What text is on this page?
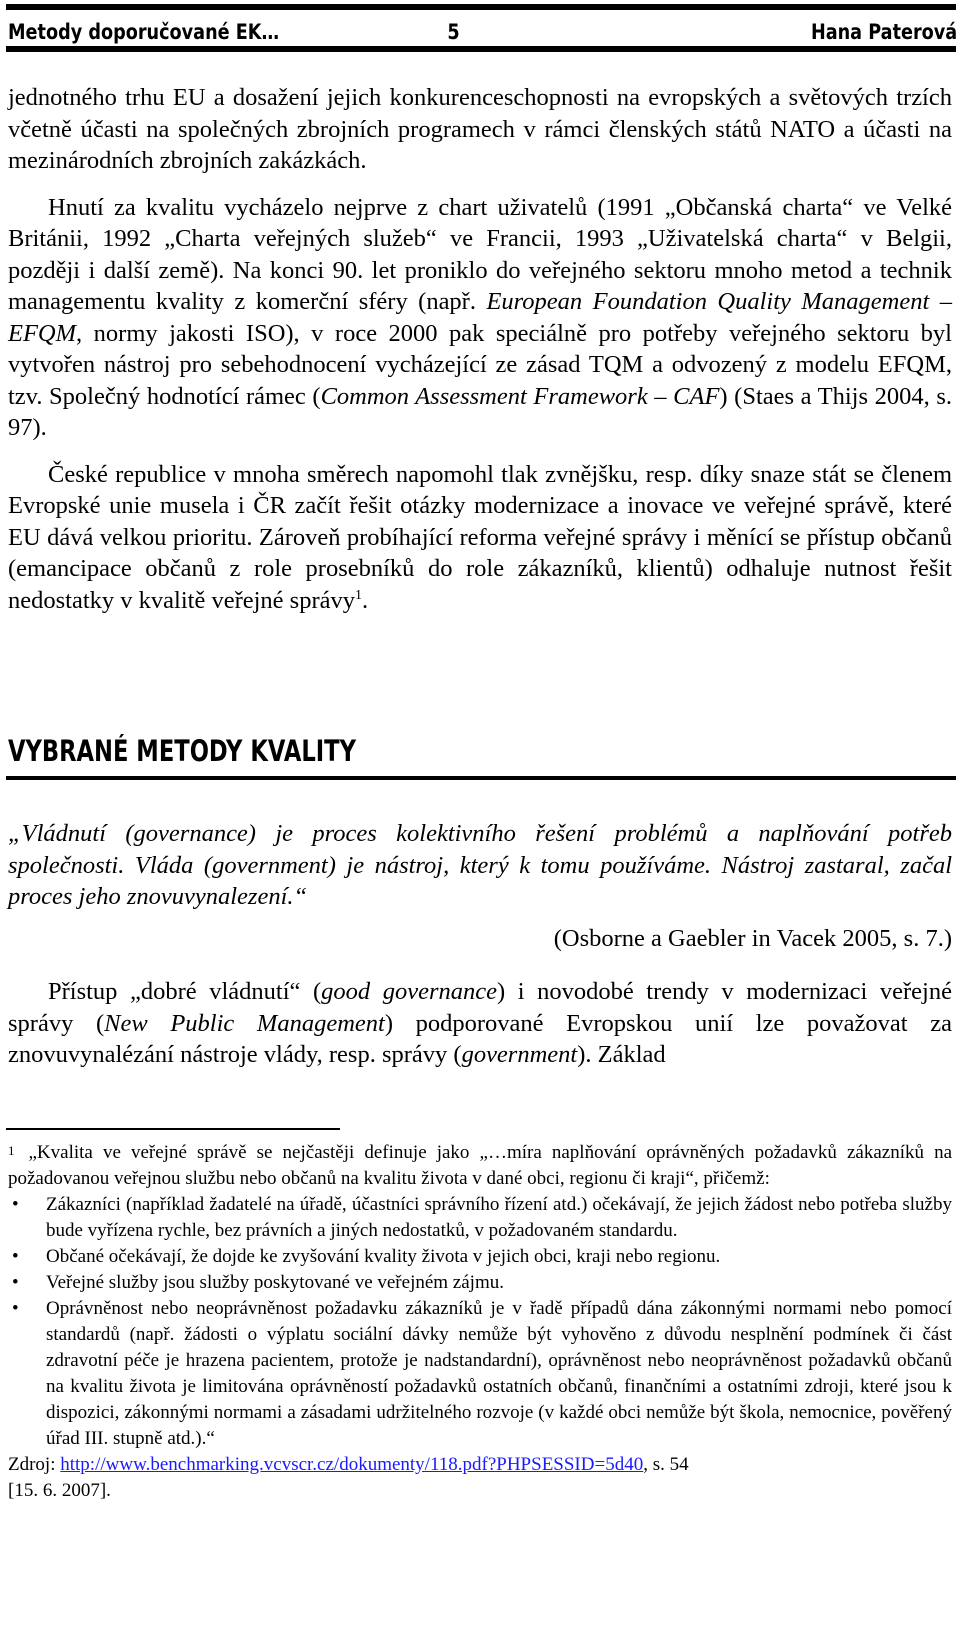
Metody doporučované EK…	5	Hana Paterová

jednotného trhu EU a dosažení jejich konkurenceschopnosti na evropských a světových trzích včetně účasti na společných zbrojních programech v rámci členských států NATO a účasti na mezinárodních zbrojních zakázkách.

Hnutí za kvalitu vycházelo nejprve z chart uživatelů (1991 „Občanská charta“ ve Velké Británii, 1992 „Charta veřejných služeb“ ve Francii, 1993 „Uživatelská charta“ v Belgii, později i další země). Na konci 90. let proniklo do veřejného sektoru mnoho metod a technik managementu kvality z komerční sféry (např. European Foundation Quality Management – EFQM, normy jakosti ISO), v roce 2000 pak speciálně pro potřeby veřejného sektoru byl vytvořen nástroj pro sebehodnocení vycházející ze zásad TQM a odvozený z modelu EFQM, tzv. Společný hodnotící rámec (Common Assessment Framework – CAF) (Staes a Thijs 2004, s. 97).

České republice v mnoha směrech napomohl tlak zvnějšku, resp. díky snaze stát se členem Evropské unie musela i ČR začít řešit otázky modernizace a inovace ve veřejné správě, které EU dává velkou prioritu. Zároveň probíhající reforma veřejné správy i měnící se přístup občanů (emancipace občanů z role prosebníků do role zákazníků, klientů) odhaluje nutnost řešit nedostatky v kvalitě veřejné správy$^1$.

VYBRANÉ METODY KVALITY

„Vládnutí (governance) je proces kolektivního řešení problémů a naplňování potřeb společnosti. Vláda (government) je nástroj, který k tomu používáme. Nástroj zastaral, začal proces jeho znovuvynalezení.“

(Osborne a Gaebler in Vacek 2005, s. 7.)

Přístup „dobré vládnutí“ (good governance) i novodobé trendy v modernizaci veřejné správy (New Public Management) podporované Evropskou unií lze považovat za znovuvynalézání nástroje vlády, resp. správy (government). Základ

$^1$ „Kvalita ve veřejné správě se nejčastěji definuje jako „…míra naplňování oprávněných požadavků zákazníků na požadovanou veřejnou službu nebo občanů na kvalitu života v dané obci, regionu či kraji“, přičemž:

• Zákazníci (například žadatelé na úřadě, účastníci správního řízení atd.) očekávají, že jejich žádost nebo potřeba služby bude vyřízena rychle, bez právních a jiných nedostatků, v požadovaném standardu.
• Občané očekávají, že dojde ke zvyšování kvality života v jejich obci, kraji nebo regionu.
• Veřejné služby jsou služby poskytované ve veřejném zájmu.
• Oprávněnost nebo neoprávněnost požadavku zákazníků je v řadě případů dána zákonnými normami nebo pomocí standardů (např. žádosti o výplatu sociální dávky nemůže být vyhověno z důvodu nesplnění podmínek či část zdravotní péče je hrazena pacientem, protože je nadstandardní), oprávněnost nebo neoprávněnost požadavků občanů na kvalitu života je limitována oprávněností požadavků ostatních občanů, finančními a ostatními zdroji, které jsou k dispozici, zákonnými normami a zásadami udržitelného rozvoje (v každé obci nemůže být škola, nemocnice, pověřený úřad III. stupně atd.).“

Zdroj: http://www.benchmarking.vcvscr.cz/dokumenty/118.pdf?PHPSESSID=5d40, s. 54

[15. 6. 2007].
